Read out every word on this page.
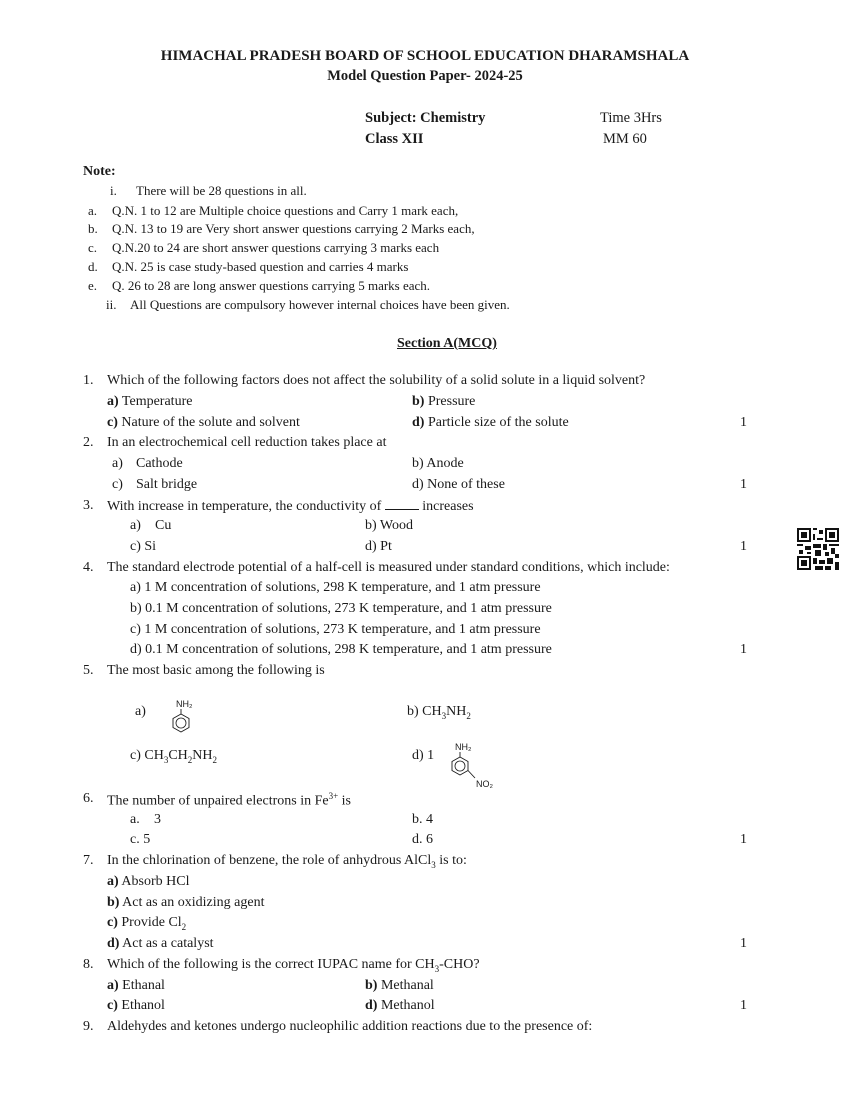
HIMACHAL PRADESH BOARD OF SCHOOL EDUCATION DHARAMSHALA
Model Question Paper- 2024-25
Subject: Chemistry	Time 3Hrs
Class XII	MM 60
Note:
i. There will be 28 questions in all.
a. Q.N. 1 to 12 are Multiple choice questions and Carry 1 mark each,
b. Q.N. 13 to 19 are Very short answer questions carrying 2 Marks each,
c. Q.N.20 to 24 are short answer questions carrying 3 marks each
d. Q.N. 25 is case study-based question and carries 4 marks
e. Q. 26 to 28 are long answer questions carrying 5 marks each.
ii. All Questions are compulsory however internal choices have been given.
Section A(MCQ)
1. Which of the following factors does not affect the solubility of a solid solute in a liquid solvent?
a) Temperature	b) Pressure
c) Nature of the solute and solvent	d) Particle size of the solute	1
2. In an electrochemical cell reduction takes place at
a) Cathode	b) Anode
c) Salt bridge	d) None of these	1
3. With increase in temperature, the conductivity of	increases
a) Cu	b) Wood
c) Si	d) Pt	1
4. The standard electrode potential of a half-cell is measured under standard conditions, which include:
a) 1 M concentration of solutions, 298 K temperature, and 1 atm pressure
b) 0.1 M concentration of solutions, 273 K temperature, and 1 atm pressure
c) 1 M concentration of solutions, 273 K temperature, and 1 atm pressure
d) 0.1 M concentration of solutions, 298 K temperature, and 1 atm pressure	1
5. The most basic among the following is
a)	NH₂	b) $CH_3NH_2$
c) $CH_3CH_2NH_2$	d) 1
NH₂
NO₂
6. The number of unpaired electrons in $Fe^{3+}$ is
a. 3	b. 4
c. 5	d. 6	1
7. In the chlorination of benzene, the role of anhydrous AlCl$_3$ is to:
a) Absorb HCl
b) Act as an oxidizing agent
c) Provide $Cl_2$
d) Act as a catalyst	1
8. Which of the following is the correct IUPAC name for $CH_3$-CHO?
a) Ethanal	b) Methanal
c) Ethanol	d) Methanol	1
9. Aldehydes and ketones undergo nucleophilic addition reactions due to the presence of:
